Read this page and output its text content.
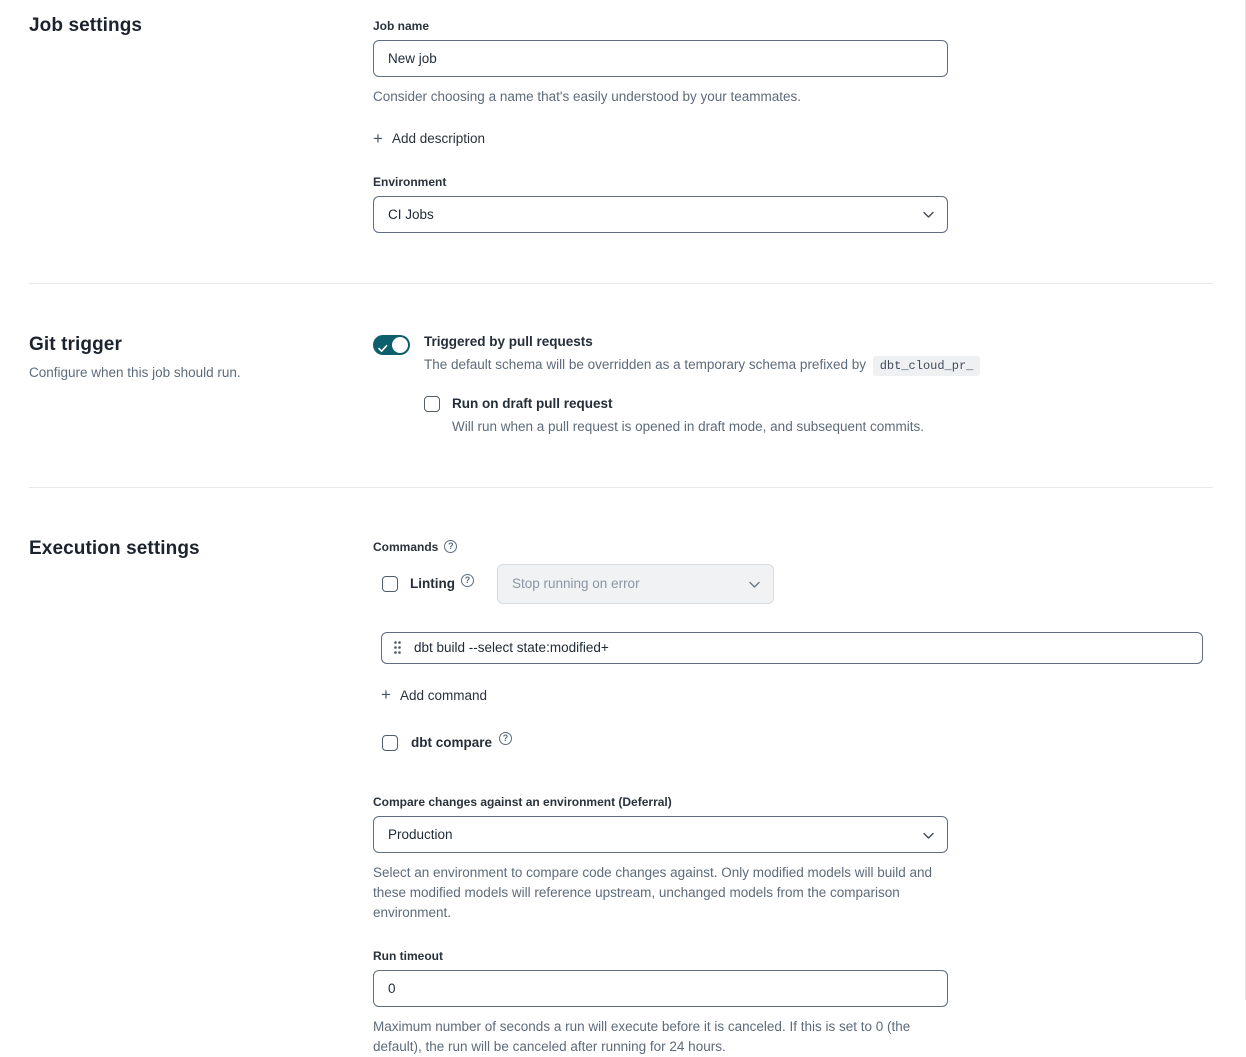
Job settings	Job name
New job

Consider choosing a name that's easily understood by your teammates.

+ Add description
Environment
CI Jobs
Git trigger

Configure when this job should run.

Triggered by pull requests
The default schema will be overridden as a temporary schema prefixed by dbt_cloud_pr_
Run on draft pull request
Will run when a pull request is opened in draft mode, and subsequent commits.
Execution settings	Commands	?
Linting	?	Stop running on error
dbt build --select state:modified+
+ Add command
dbt compare	?
Compare changes against an environment (Deferral)
Production

Select an environment to compare code changes against. Only modified models will build and these modified models will reference upstream, unchanged models from the comparison environment.

Run timeout
0

Maximum number of seconds a run will execute before it is canceled. If this is set to 0 (the default), the run will be canceled after running for 24 hours.
